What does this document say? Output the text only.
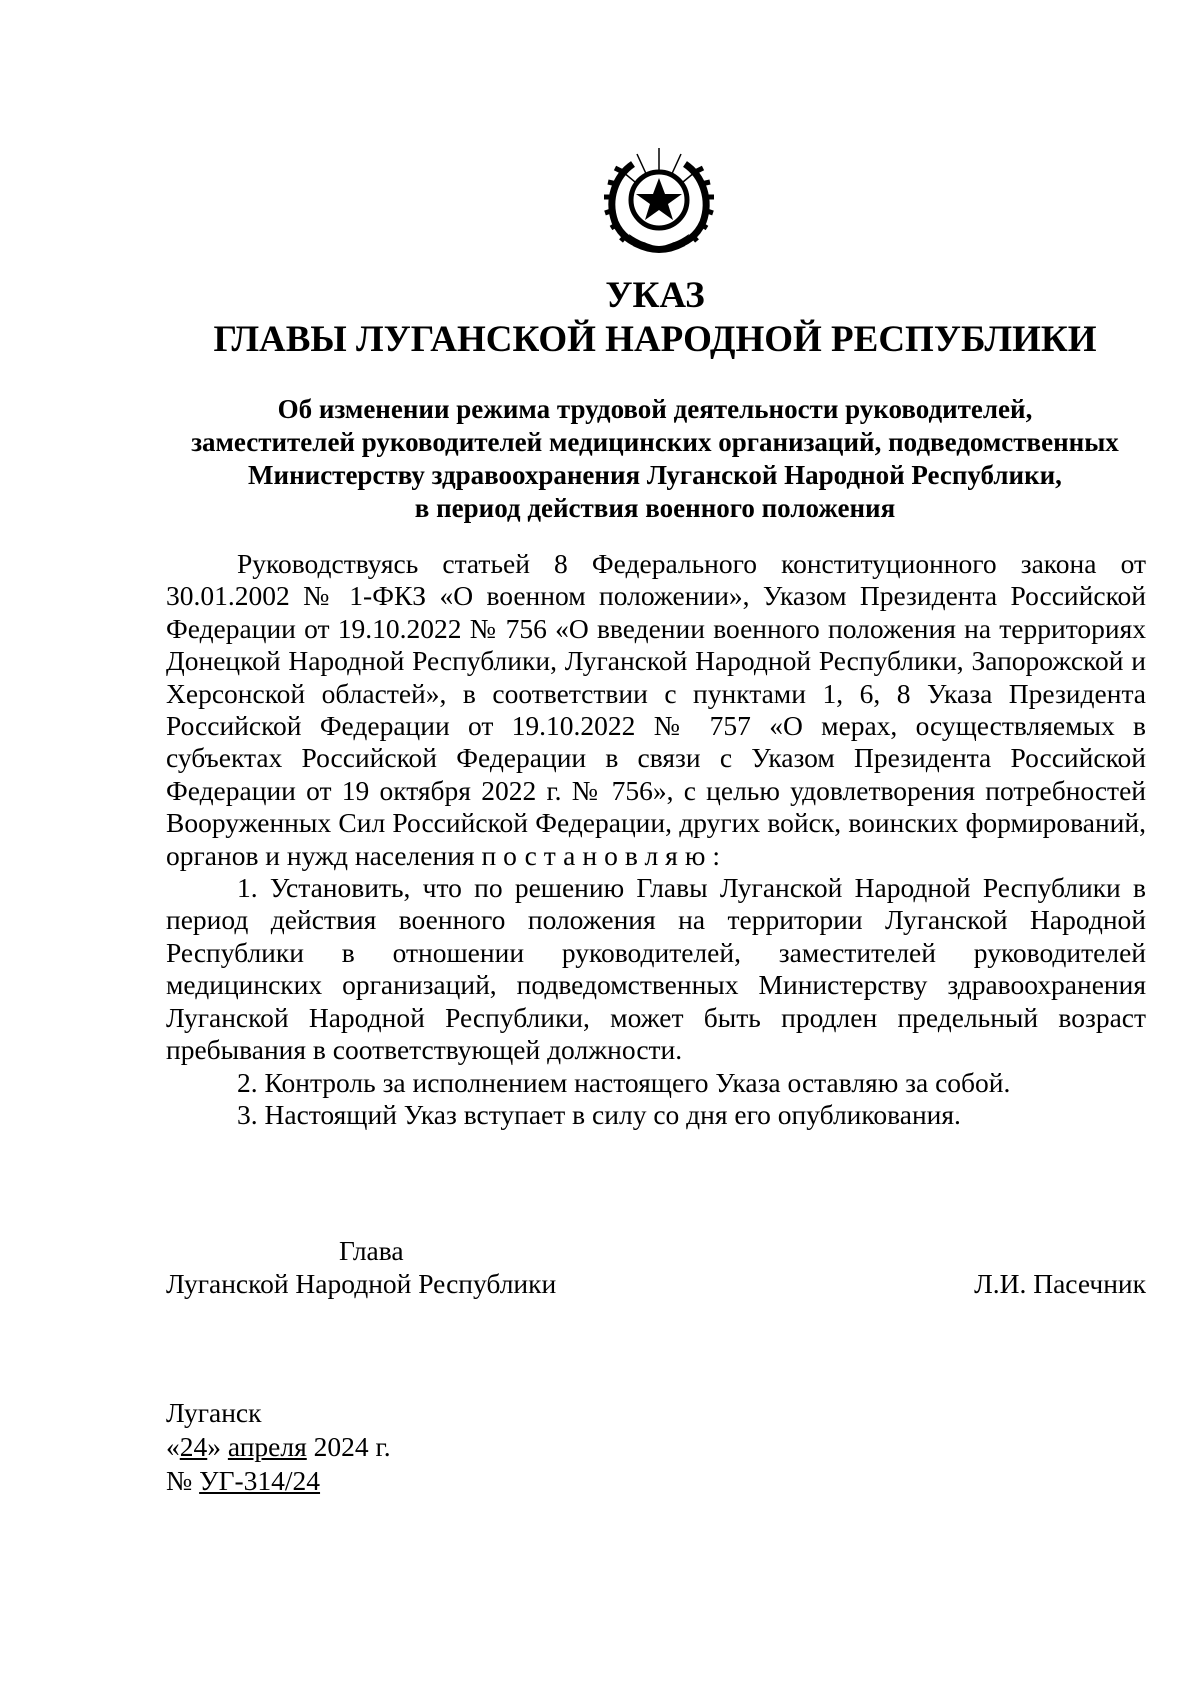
УКАЗ
ГЛАВЫ ЛУГАНСКОЙ НАРОДНОЙ РЕСПУБЛИКИ
Об изменении режима трудовой деятельности руководителей,
заместителей руководителей медицинских организаций, подведомственных
Министерству здравоохранения Луганской Народной Республики,
в период действия военного положения

Руководствуясь статьей 8 Федерального конституционного закона от 30.01.2002 № 1-ФКЗ «О военном положении», Указом Президента Российской Федерации от 19.10.2022 № 756 «О введении военного положения на территориях Донецкой Народной Республики, Луганской Народной Республики, Запорожской и Херсонской областей», в соответствии с пунктами 1, 6, 8 Указа Президента Российской Федерации от 19.10.2022 № 757 «О мерах, осуществляемых в субъектах Российской Федерации в связи с Указом Президента Российской Федерации от 19 октября 2022 г. № 756», с целью удовлетворения потребностей Вооруженных Сил Российской Федерации, других войск, воинских формирований, органов и нужд населения постановляю:

1. Установить, что по решению Главы Луганской Народной Республики в период действия военного положения на территории Луганской Народной Республики в отношении руководителей, заместителей руководителей медицинских организаций, подведомственных Министерству здравоохранения Луганской Народной Республики, может быть продлен предельный возраст пребывания в соответствующей должности.

2. Контроль за исполнением настоящего Указа оставляю за собой.

3. Настоящий Указ вступает в силу со дня его опубликования.

Глава
Луганской Народной Республики	Л.И. Пасечник
Луганск
«24» апреля 2024 г.
№ УГ-314/24
